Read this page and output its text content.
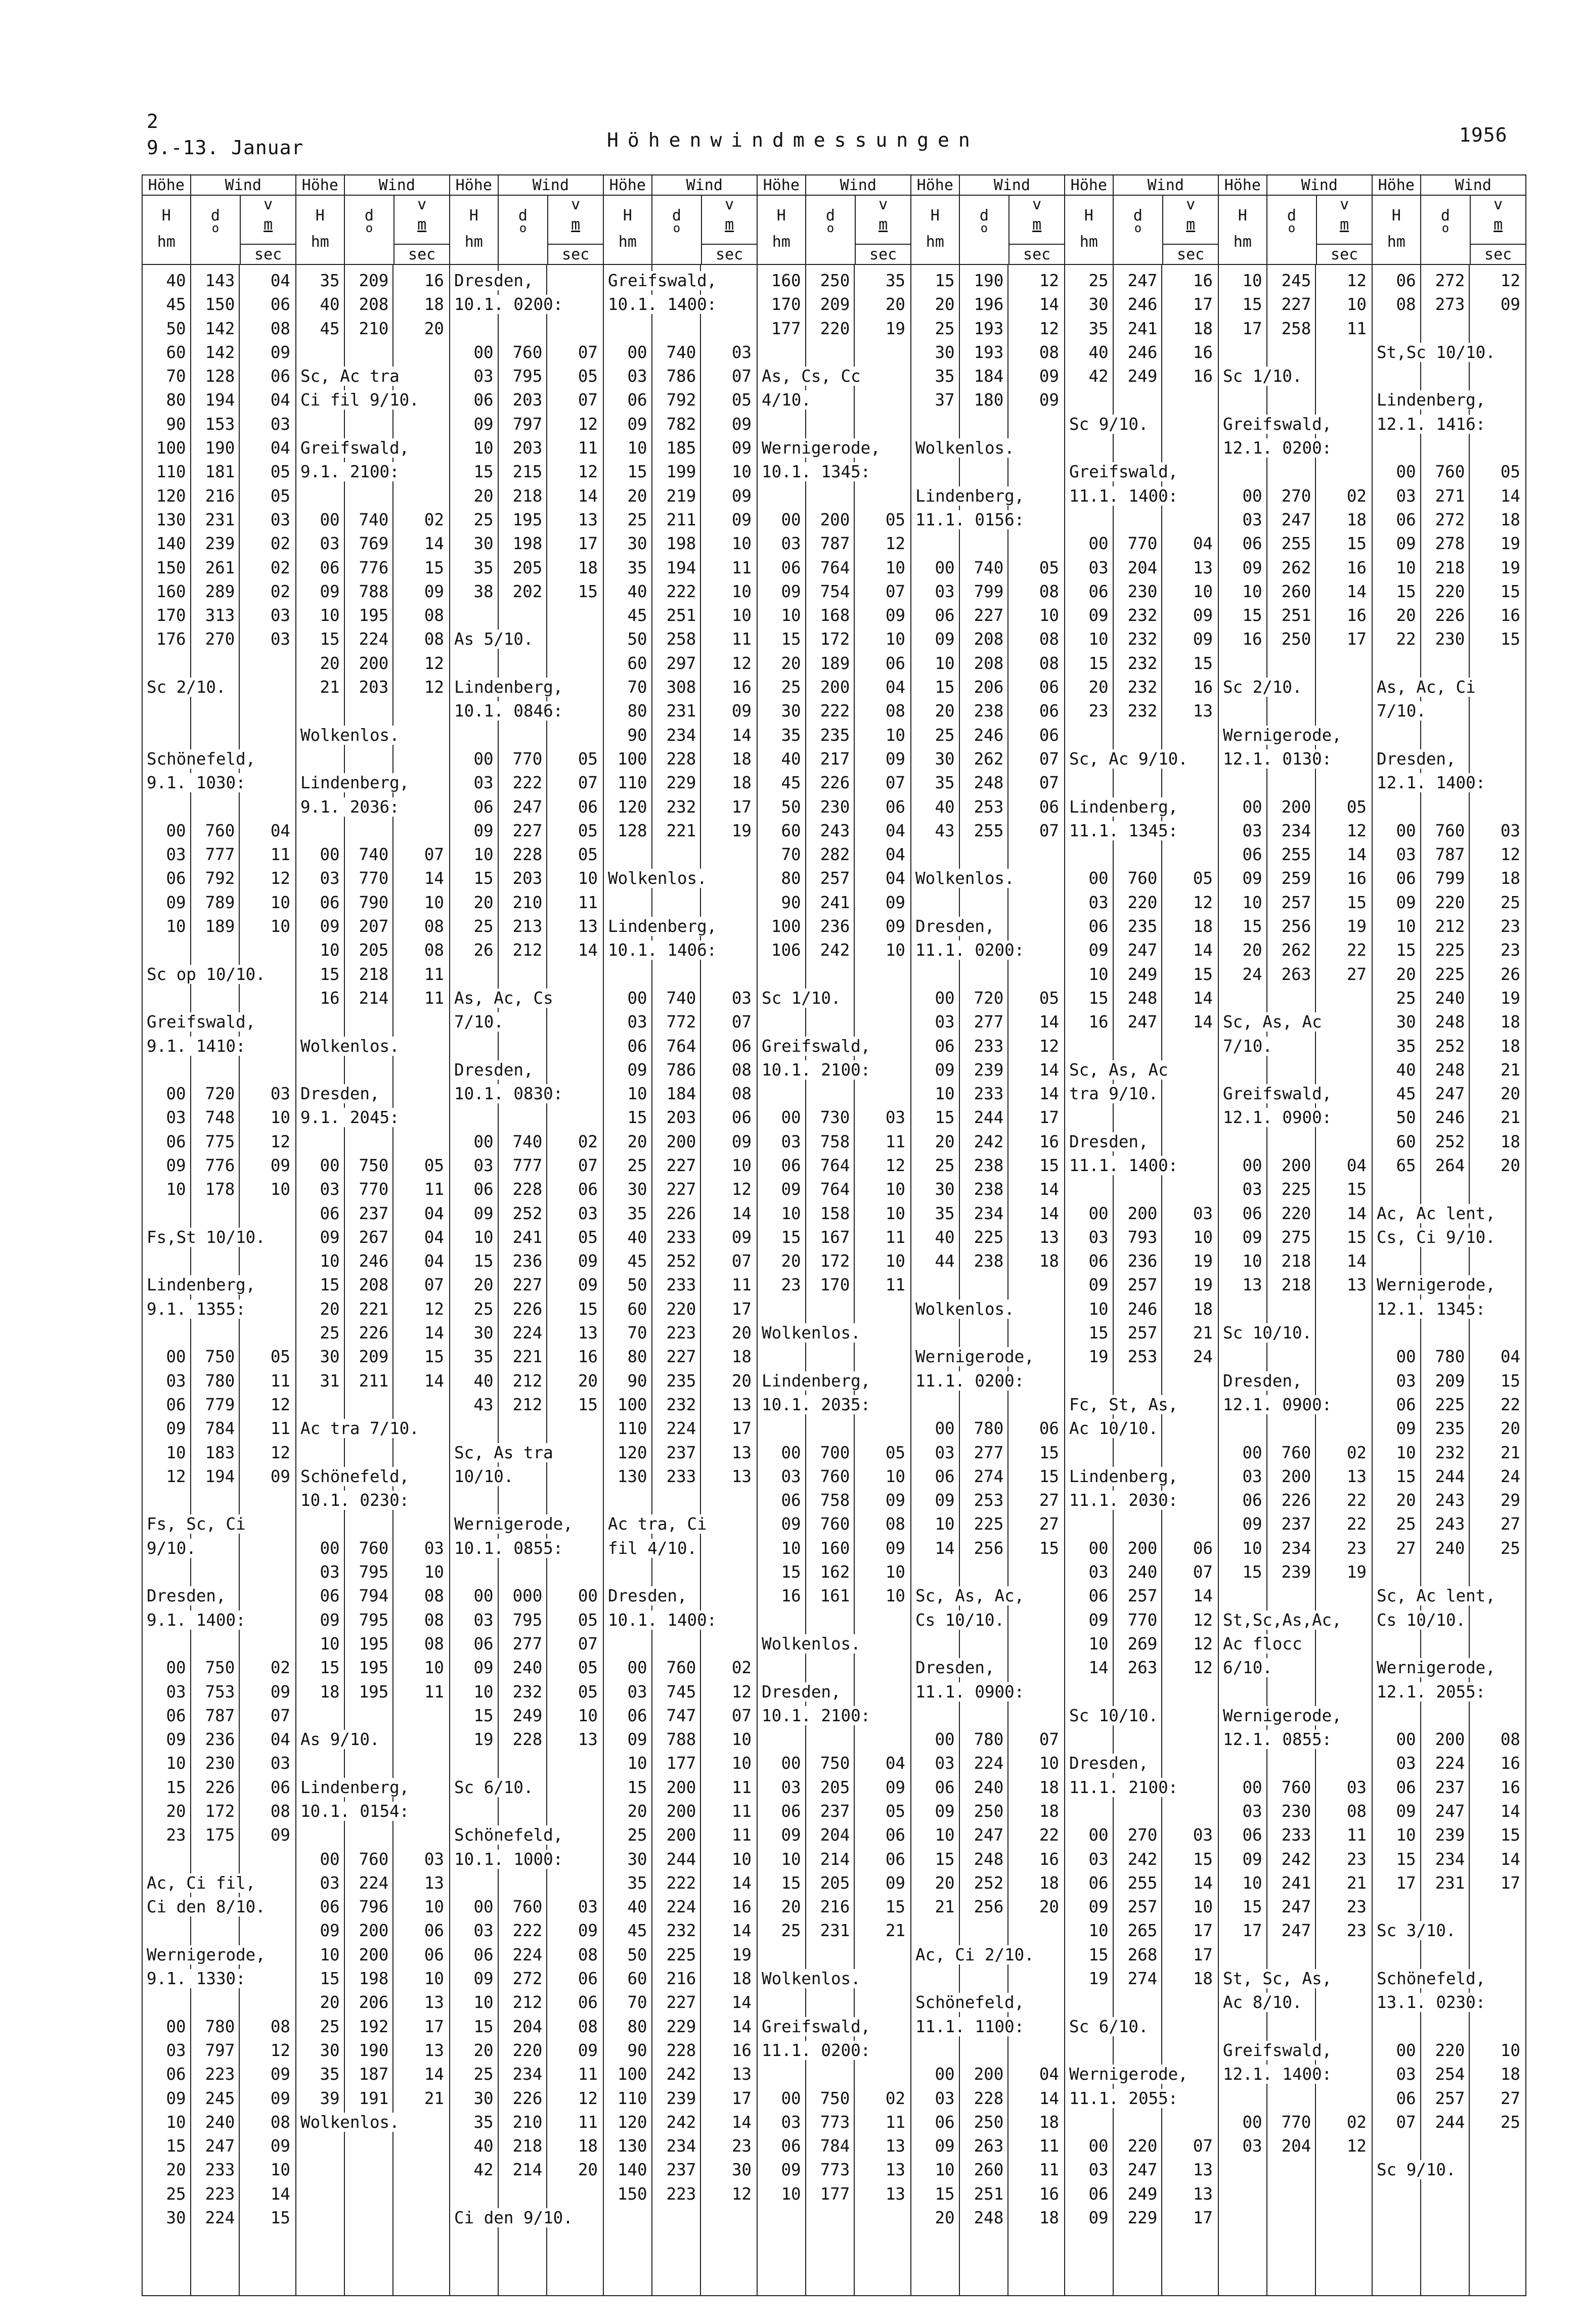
2
9.-13. Januar	Höhenwindmessungen	1956
Höhe	Wind
H
hm
d
o
v
m
sec
40 143 04
45 150 06
50 142 08
60 142 09
70 128 06
80 194 04
90 153 03
100 190 04
110 181 05
120 216 05
130 231 03
140 239 02
150 261 02
160 289 02
170 313 03
176 270 03
Sc 2/10.
Schönefeld,
9.1. 1030:
00 760 04
03 777 11
06 792 12
09 789 10
10 189 10
Sc op 10/10.
Greifswald,
9.1. 1410:
00 720 03
03 748 10
06 775 12
09 776 09
10 178 10
Fs,St 10/10.
Lindenberg,
9.1. 1355:
00 750 05
03 780 11
06 779 12
09 784 11
10 183 12
12 194 09
Fs, Sc, Ci
9/10.
Dresden,
9.1. 1400:
00 750 02
03 753 09
06 787 07
09 236 04
10 230 03
15 226 06
20 172 08
23 175 09
Ac, Ci fil,
Ci den 8/10.
Wernigerode,
9.1. 1330:
00 780 08
03 797 12
06 223 09
09 245 09
10 240 08
15 247 09
20 233 10
25 223 14
30 224 15
Höhe	Wind
H
hm
d
o
v
m
sec
35 209 16
40 208 18
45 210 20
Sc, Ac tra
Ci fil 9/10.
Greifswald,
9.1. 2100:
00 740 02
03 769 14
06 776 15
09 788 09
10 195 08
15 224 08
20 200 12
21 203 12
Wolkenlos.
Lindenberg,
9.1. 2036:
00 740 07
03 770 14
06 790 10
09 207 08
10 205 08
15 218 11
16 214 11
Wolkenlos.
Dresden,
9.1. 2045:
00 750 05
03 770 11
06 237 04
09 267 04
10 246 04
15 208 07
20 221 12
25 226 14
30 209 15
31 211 14
Ac tra 7/10.
Schönefeld,
10.1. 0230:
00 760 03
03 795 10
06 794 08
09 795 08
10 195 08
15 195 10
18 195 11
As 9/10.
Lindenberg,
10.1. 0154:
00 760 03
03 224 13
06 796 10
09 200 06
10 200 06
15 198 10
20 206 13
25 192 17
30 190 13
35 187 14
39 191 21
Wolkenlos.
Höhe	Wind
H
hm
d
o
v
m
sec
Dresden,
10.1. 0200:
00 760 07
03 795 05
06 203 07
09 797 12
10 203 11
15 215 12
20 218 14
25 195 13
30 198 17
35 205 18
38 202 15
As 5/10.
Lindenberg,
10.1. 0846:
00 770 05
03 222 07
06 247 06
09 227 05
10 228 05
15 203 10
20 210 11
25 213 13
26 212 14
As, Ac, Cs
7/10.
Dresden,
10.1. 0830:
00 740 02
03 777 07
06 228 06
09 252 03
10 241 05
15 236 09
20 227 09
25 226 15
30 224 13
35 221 16
40 212 20
43 212 15
Sc, As tra
10/10.
Wernigerode,
10.1. 0855:
00 000 00
03 795 05
06 277 07
09 240 05
10 232 05
15 249 10
19 228 13
Sc 6/10.
Schönefeld,
10.1. 1000:
00 760 03
03 222 09
06 224 08
09 272 06
10 212 06
15 204 08
20 220 09
25 234 11
30 226 12
35 210 11
40 218 18
42 214 20
Ci den 9/10.
Höhe	Wind
H
hm
d
o
v
m
sec
Greifswald,
10.1. 1400:
00 740 03
03 786 07
06 792 05
09 782 09
10 185 09
15 199 10
20 219 09
25 211 09
30 198 10
35 194 11
40 222 10
45 251 10
50 258 11
60 297 12
70 308 16
80 231 09
90 234 14
100 228 18
110 229 18
120 232 17
128 221 19
Wolkenlos.
Lindenberg,
10.1. 1406:
00 740 03
03 772 07
06 764 06
09 786 08
10 184 08
15 203 06
20 200 09
25 227 10
30 227 12
35 226 14
40 233 09
45 252 07
50 233 11
60 220 17
70 223 20
80 227 18
90 235 20
100 232 13
110 224 17
120 237 13
130 233 13
Ac tra, Ci
fil 4/10.
Dresden,
10.1. 1400:
00 760 02
03 745 12
06 747 07
09 788 10
10 177 10
15 200 11
20 200 11
25 200 11
30 244 10
35 222 14
40 224 16
45 232 14
50 225 19
60 216 18
70 227 14
80 229 14
90 228 16
100 242 13
110 239 17
120 242 14
130 234 23
140 237 30
150 223 12
Höhe	Wind
H
hm
d
o
v
m
sec
160 250 35
170 209 20
177 220 19
As, Cs, Cc
4/10.
Wernigerode,
10.1. 1345:
00 200 05
03 787 12
06 764 10
09 754 07
10 168 09
15 172 10
20 189 06
25 200 04
30 222 08
35 235 10
40 217 09
45 226 07
50 230 06
60 243 04
70 282 04
80 257 04
90 241 09
100 236 09
106 242 10
Sc 1/10.
Greifswald,
10.1. 2100:
00 730 03
03 758 11
06 764 12
09 764 10
10 158 10
15 167 11
20 172 10
23 170 11
Wolkenlos.
Lindenberg,
10.1. 2035:
00 700 05
03 760 10
06 758 09
09 760 08
10 160 09
15 162 10
16 161 10
Wolkenlos.
Dresden,
10.1. 2100:
00 750 04
03 205 09
06 237 05
09 204 06
10 214 06
15 205 09
20 216 15
25 231 21
Wolkenlos.
Greifswald,
11.1. 0200:
00 750 02
03 773 11
06 784 13
09 773 13
10 177 13
Höhe	Wind
H
hm
d
o
v
m
sec
15 190 12
20 196 14
25 193 12
30 193 08
35 184 09
37 180 09
Wolkenlos.
Lindenberg,
11.1. 0156:
00 740 05
03 799 08
06 227 10
09 208 08
10 208 08
15 206 06
20 238 06
25 246 06
30 262 07
35 248 07
40 253 06
43 255 07
Wolkenlos.
Dresden,
11.1. 0200:
00 720 05
03 277 14
06 233 12
09 239 14
10 233 14
15 244 17
20 242 16
25 238 15
30 238 14
35 234 14
40 225 13
44 238 18
Wolkenlos.
Wernigerode,
11.1. 0200:
00 780 06
03 277 15
06 274 15
09 253 27
10 225 27
14 256 15
Sc, As, Ac,
Cs 10/10.
Dresden,
11.1. 0900:
00 780 07
03 224 10
06 240 18
09 250 18
10 247 22
15 248 16
20 252 18
21 256 20
Ac, Ci 2/10.
Schönefeld,
11.1. 1100:
00 200 04
03 228 14
06 250 18
09 263 11
10 260 11
15 251 16
20 248 18
Höhe	Wind
H
hm
d
o
v
m
sec
25 247 16
30 246 17
35 241 18
40 246 16
42 249 16
Sc 9/10.
Greifswald,
11.1. 1400:
00 770 04
03 204 13
06 230 10
09 232 09
10 232 09
15 232 15
20 232 16
23 232 13
Sc, Ac 9/10.
Lindenberg,
11.1. 1345:
00 760 05
03 220 12
06 235 18
09 247 14
10 249 15
15 248 14
16 247 14
Sc, As, Ac
tra 9/10.
Dresden,
11.1. 1400:
00 200 03
03 793 10
06 236 19
09 257 19
10 246 18
15 257 21
19 253 24
Fc, St, As,
Ac 10/10.
Lindenberg,
11.1. 2030:
00 200 06
03 240 07
06 257 14
09 770 12
10 269 12
14 263 12
Sc 10/10.
Dresden,
11.1. 2100:
00 270 03
03 242 15
06 255 14
09 257 10
10 265 17
15 268 17
19 274 18
Sc 6/10.
Wernigerode,
11.1. 2055:
00 220 07
03 247 13
06 249 13
09 229 17
Höhe	Wind
H
hm
d
o
v
m
sec
10 245 12
15 227 10
17 258 11
Sc 1/10.
Greifswald,
12.1. 0200:
00 270 02
03 247 18
06 255 15
09 262 16
10 260 14
15 251 16
16 250 17
Sc 2/10.
Wernigerode,
12.1. 0130:
00 200 05
03 234 12
06 255 14
09 259 16
10 257 15
15 256 19
20 262 22
24 263 27
Sc, As, Ac
7/10.
Greifswald,
12.1. 0900:
00 200 04
03 225 15
06 220 14
09 275 15
10 218 14
13 218 13
Sc 10/10.
Dresden,
12.1. 0900:
00 760 02
03 200 13
06 226 22
09 237 22
10 234 23
15 239 19
St,Sc,As,Ac,
Ac flocc
6/10.
Wernigerode,
12.1. 0855:
00 760 03
03 230 08
06 233 11
09 242 23
10 241 21
15 247 23
17 247 23
St, Sc, As,
Ac 8/10.
Greifswald,
12.1. 1400:
00 770 02
03 204 12
Höhe	Wind
H
hm
d
o
v
m
sec
06 272 12
08 273 09
St,Sc 10/10.
Lindenberg,
12.1. 1416:
00 760 05
03 271 14
06 272 18
09 278 19
10 218 19
15 220 15
20 226 16
22 230 15
As, Ac, Ci
7/10.
Dresden,
12.1. 1400:
00 760 03
03 787 12
06 799 18
09 220 25
10 212 23
15 225 23
20 225 26
25 240 19
30 248 18
35 252 18
40 248 21
45 247 20
50 246 21
60 252 18
65 264 20
Ac, Ac lent,
Cs, Ci 9/10.
Wernigerode,
12.1. 1345:
00 780 04
03 209 15
06 225 22
09 235 20
10 232 21
15 244 24
20 243 29
25 243 27
27 240 25
Sc, Ac lent,
Cs 10/10.
Wernigerode,
12.1. 2055:
00 200 08
03 224 16
06 237 16
09 247 14
10 239 15
15 234 14
17 231 17
Sc 3/10.
Schönefeld,
13.1. 0230:
00 220 10
03 254 18
06 257 27
07 244 25
Sc 9/10.
